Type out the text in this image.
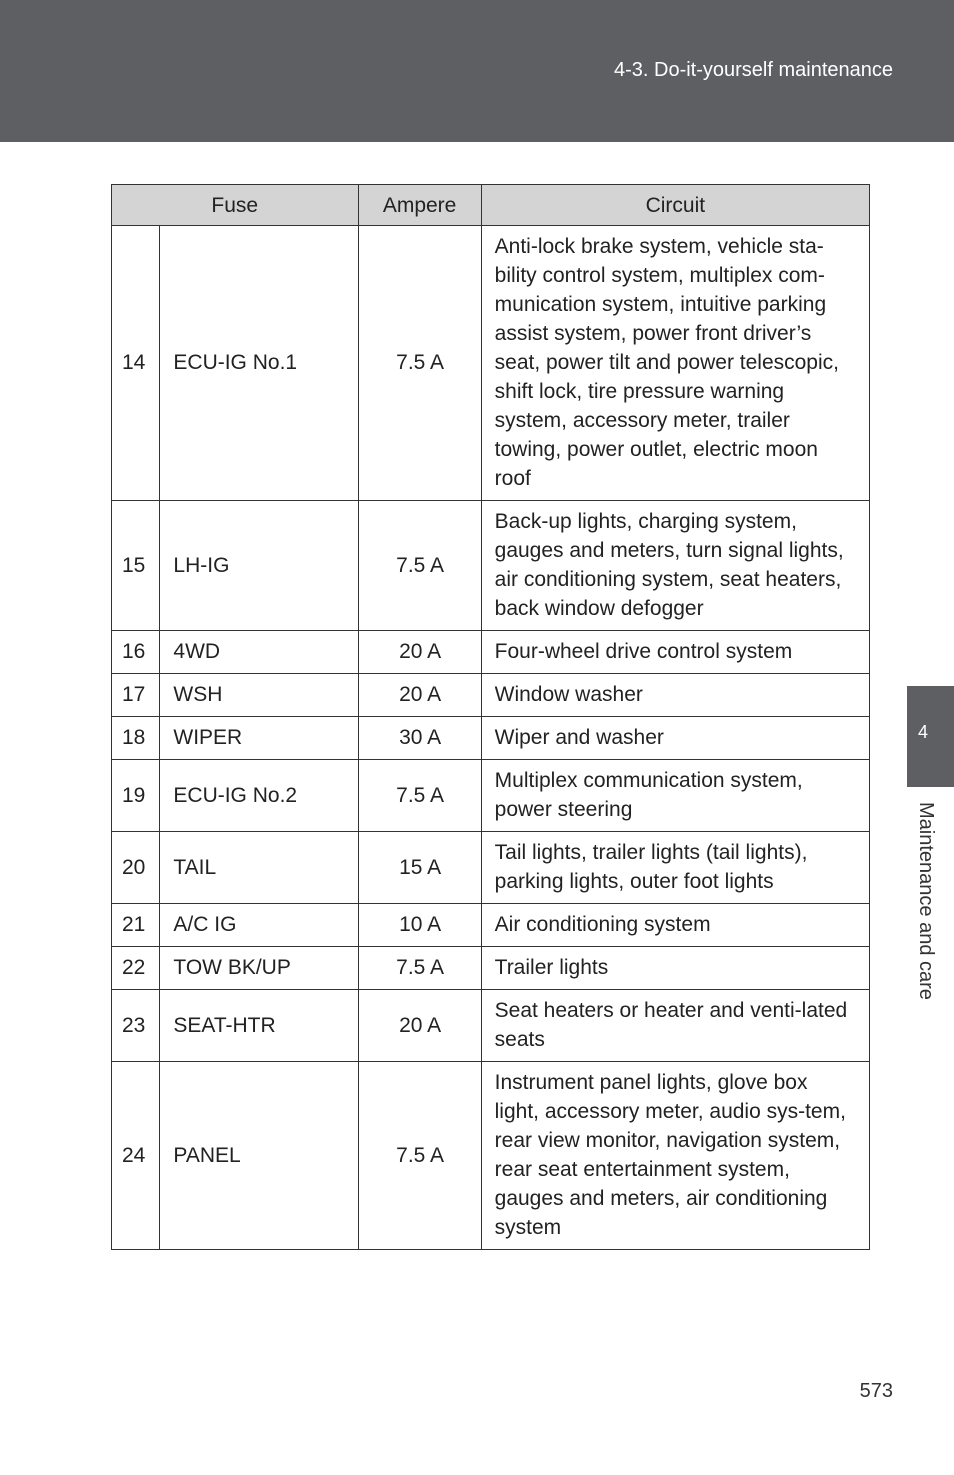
4-3. Do-it-yourself maintenance
4
Maintenance and care
Fuse		Ampere	Circuit
14	ECU-IG No.1	7.5 A	Anti-lock brake system, vehicle sta-bility control system, multiplex com-munication system, intuitive parking assist system, power front driver’s seat, power tilt and power telescopic, shift lock, tire pressure warning system, accessory meter, trailer towing, power outlet, electric moon roof
15	LH-IG	7.5 A	Back-up lights, charging system, gauges and meters, turn signal lights, air conditioning system, seat heaters, back window defogger
16	4WD	20 A	Four-wheel drive control system
17	WSH	20 A	Window washer
18	WIPER	30 A	Wiper and washer
19	ECU-IG No.2	7.5 A	Multiplex communication system, power steering
20	TAIL	15 A	Tail lights, trailer lights (tail lights), parking lights, outer foot lights
21	A/C IG	10 A	Air conditioning system
22	TOW BK/UP	7.5 A	Trailer lights
23	SEAT-HTR	20 A	Seat heaters or heater and venti-lated seats
24	PANEL	7.5 A	Instrument panel lights, glove box light, accessory meter, audio sys-tem, rear view monitor, navigation system, rear seat entertainment system, gauges and meters, air conditioning system
573
